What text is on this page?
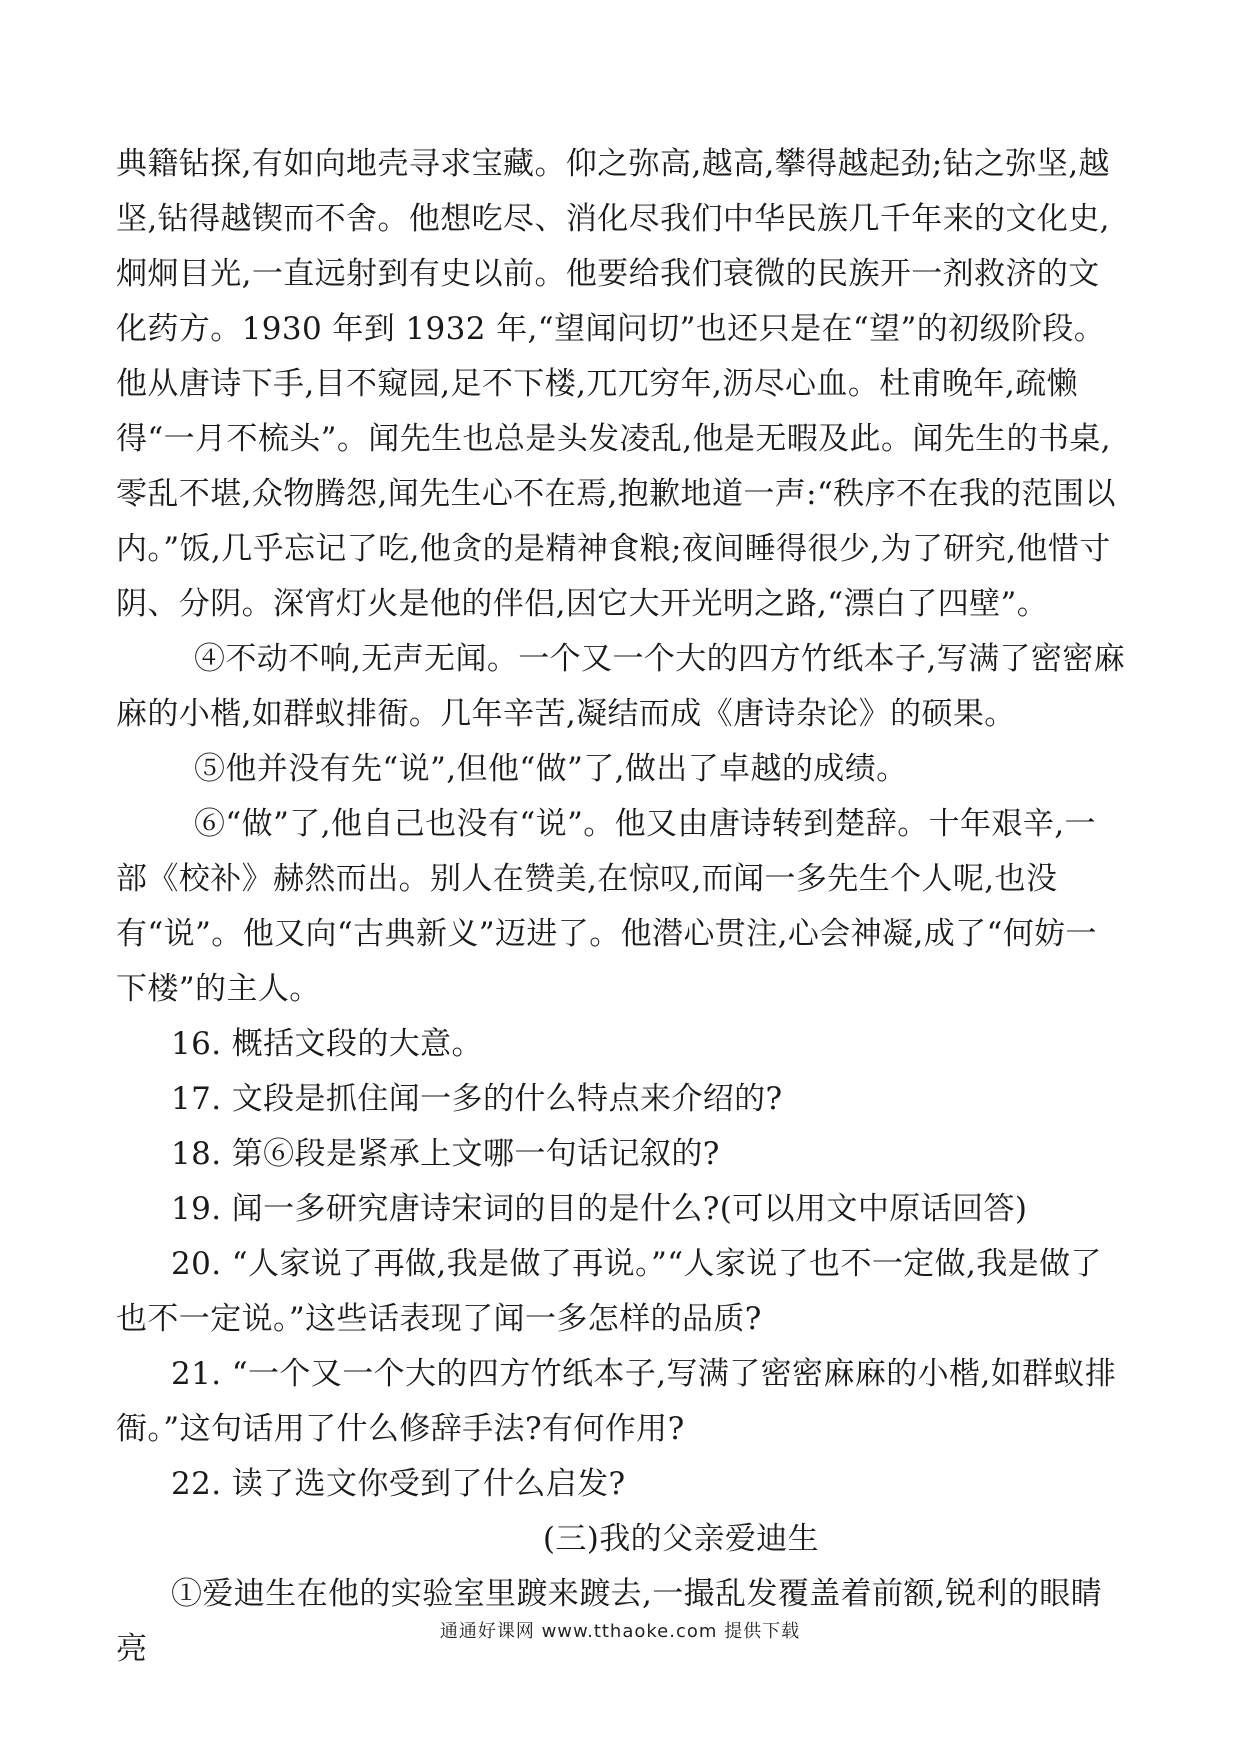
典籍钻探,有如向地壳寻求宝藏。仰之弥高,越高,攀得越起劲;钻之弥坚,越坚,钻得越锲而不舍。他想吃尽、消化尽我们中华民族几千年来的文化史,炯炯目光,一直远射到有史以前。他要给我们衰微的民族开一剂救济的文化药方。1930 年到 1932 年,“望闻问切”也还只是在“望”的初级阶段。他从唐诗下手,目不窥园,足不下楼,兀兀穷年,沥尽心血。杜甫晚年,疏懒得“一月不梳头”。闻先生也总是头发凌乱,他是无暇及此。闻先生的书桌,零乱不堪,众物腾怨,闻先生心不在焉,抱歉地道一声:“秩序不在我的范围以内。”饭,几乎忘记了吃,他贪的是精神食粮;夜间睡得很少,为了研究,他惜寸阴、分阴。深宵灯火是他的伴侣,因它大开光明之路,“漂白了四壁”。

④不动不响,无声无闻。一个又一个大的四方竹纸本子,写满了密密麻麻的小楷,如群蚁排衙。几年辛苦,凝结而成《唐诗杂论》的硕果。

⑤他并没有先“说”,但他“做”了,做出了卓越的成绩。

⑥“做”了,他自己也没有“说”。他又由唐诗转到楚辞。十年艰辛,一部《校补》赫然而出。别人在赞美,在惊叹,而闻一多先生个人呢,也没有“说”。他又向“古典新义”迈进了。他潜心贯注,心会神凝,成了“何妨一下楼”的主人。

16. 概括文段的大意。

17. 文段是抓住闻一多的什么特点来介绍的?

18. 第⑥段是紧承上文哪一句话记叙的?

19. 闻一多研究唐诗宋词的目的是什么?(可以用文中原话回答)

20. “人家说了再做,我是做了再说。”“人家说了也不一定做,我是做了也不一定说。”这些话表现了闻一多怎样的品质?

21. “一个又一个大的四方竹纸本子,写满了密密麻麻的小楷,如群蚁排衙。”这句话用了什么修辞手法?有何作用?

22. 读了选文你受到了什么启发?

(三)我的父亲爱迪生

①爱迪生在他的实验室里踱来踱去,一撮乱发覆盖着前额,锐利的眼睛亮	通通好课网 www.tthaoke.com 提供下载
